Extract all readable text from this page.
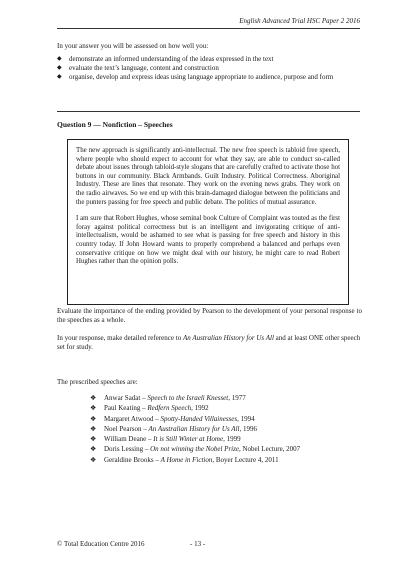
English Advanced Trial HSC Paper 2 2016
In your answer you will be assessed on how well you:
◆ demonstrate an informed understanding of the ideas expressed in the text
◆ evaluate the text’s language, content and construction
◆ organise, develop and express ideas using language appropriate to audience, purpose and form
Question 9 — Nonfiction – Speeches

The new approach is significantly anti-intellectual. The new free speech is tabloid free speech, where people who should expect to account for what they say, are able to conduct so-called debate about issues through tabloid-style slogans that are carefully crafted to activate those hot buttons in our community. Black Armbands. Guilt Industry. Political Correctness. Aboriginal Industry. These are lines that resonate. They work on the evening news grabs. They work on the radio airwaves. So we end up with this brain-damaged dialogue between the politicians and the punters passing for free speech and public debate. The politics of mutual assurance.

I am sure that Robert Hughes, whose seminal book Culture of Complaint was touted as the first foray against political correctness but is an intelligent and invigorating critique of anti-intellectualism, would be ashamed to see what is passing for free speech and history in this country today. If John Howard wants to properly comprehend a balanced and perhaps even conservative critique on how we might deal with our history, he might care to read Robert Hughes rather than the opinion polls.

Evaluate the importance of the ending provided by Pearson to the development of your personal response to the speeches as a whole.
In your response, make detailed reference to An Australian History for Us All and at least ONE other speech set for study.
The prescribed speeches are:
❖ Anwar Sadat – Speech to the Israeli Knesset, 1977
❖ Paul Keating – Redfern Speech, 1992
❖ Margaret Atwood – Spotty-Handed Villainesses, 1994
❖ Noel Pearson – An Australian History for Us All, 1996
❖ William Deane – It is Still Winter at Home, 1999
❖ Doris Lessing – On not winning the Nobel Prize, Nobel Lecture, 2007
❖ Geraldine Brooks – A Home in Fiction, Boyer Lecture 4, 2011
© Total Education Centre 2016	- 13 -
